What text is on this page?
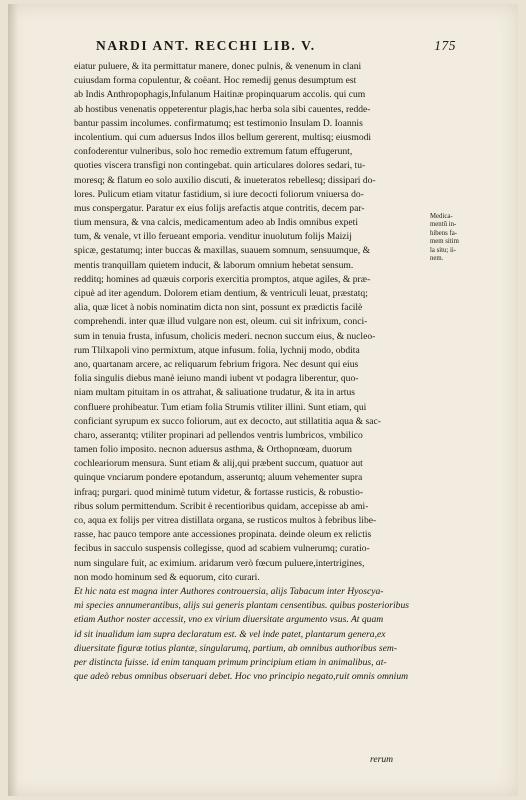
NARDI ANT. RECCHI LIB. V.	175
eiatur puluere, & ita permittatur manere, donec pulnis, & venenum in clani
cuiusdam forma copulentur, & coëant. Hoc remedij genus desumptum est
ab Indis Anthropophagis,Infulanum Haitinæ propinquarum accolis. qui cum
ab hostibus venenatis oppeterentur plagis,hac herba sola sibi cauentes, redde-
bantur passim incolumes. confirmatumq; est testimonio Insulam D. Ioannis
incolentium. qui cum aduersus Indos illos bellum gererent, multisq; eiusmodi
confoderentur vulneribus, solo hoc remedio extremum fatum effugerunt,
quoties viscera transfigi non contingebat. quin articulares dolores sedari, tu-
moresq; & flatum eo solo auxilio discuti, & inueteratos rebellesq; dissipari do-
lores. Pulicum etiam vitatur fastidium, si iure decocti foliorum vniuersa do-
mus conspergatur. Paratur ex eius folijs arefactis atque contritis, decem par-
tium mensura, & vna calcis, medicamentum adeo ab Indis omnibus expeti
tum, & venale, vt illo ferueant emporia. venditur inuolutum folijs Maizij
spicæ, gestatumq; inter buccas & maxillas, suauem somnum, sensuumque, &
mentis tranquillam quietem inducit, & laborum omnium hebetat sensum.
redditq; homines ad quæuis corporis exercitia promptos, atque agiles, & præ-
cipuè ad iter agendum. Dolorem etiam dentium, & ventriculi leuat, præstatq;
alia, quæ licet à nobis nominatim dicta non sint, possunt ex prædictis facilè
comprehendi. inter quæ illud vulgare non est, oleum. cui sit infrixum, conci-
sum in tenuia frusta, infusum, cholicis mederi. necnon succum eius, & nucleo-
rum Tlilxapoli vino permixtum, atque infusum. folia, lychnij modo, obdita
ano, quartanam arcere, ac reliquarum febrium frigora. Nec desunt qui eius
folia singulis diebus manè ieiuno mandi iubent vt podagra liberentur, quo-
niam multam pituitam in os attrahat, & saliuatione trudatur, & ita in artus
confluere prohibeatur. Tum etiam folia Strumis vtiliter illini. Sunt etiam, qui
conficiant syrupum ex succo foliorum, aut ex decocto, aut stillatitia aqua & sac-
charo, asserantq; vtiliter propinari ad pellendos ventris lumbricos, vmbilico
tamen folio imposito. necnon aduersus asthma, & Orthopnœam, duorum
cochleariorum mensura. Sunt etiam & alij,qui præbent succum, quatuor aut
quinque vnciarum pondere epotandum, asseruntq; aluum vehementer supra
infraq; purgari. quod minimè tutum videtur, & fortasse rusticis, & robustio-
ribus solum permittendum. Scribit è recentioribus quidam, accepisse ab ami-
co, aqua ex folijs per vitrea distillata organa, se rusticos multos à febribus libe-
rasse, hac pauco tempore ante accessiones propinata. deinde oleum ex relictis
fecibus in sacculo suspensis collegisse, quod ad scabiem vulnerumq; curatio-
num singulare fuit, ac eximium. aridarum verò fœcum puluere,intertrigines,
non modo hominum sed & equorum, cito curari.
Et hic nata est magna inter Authores controuersia, alijs Tabacum inter Hyoscya-
mi species annumerantibus, alijs sui generis plantam censentibus. quibus posterioribus
etiam Author noster accessit, vno ex virium diuersitate argumento vsus. At quam
id sit inualidum iam supra declaratum est. & vel inde patet, plantarum genera,ex
diuersitate figuræ totius plantæ, singularumq, partium, ab omnibus authoribus sem-
per distincta fuisse. id enim tanquam primum principium etiam in animalibus, at-
que adeò rebus omnibus obseruari debet. Hoc vno principio negato,ruit omnis omnium
rerum
Medica-
mentū in-
hibens fa-
mem sitim
la situ; ii-
nem.
